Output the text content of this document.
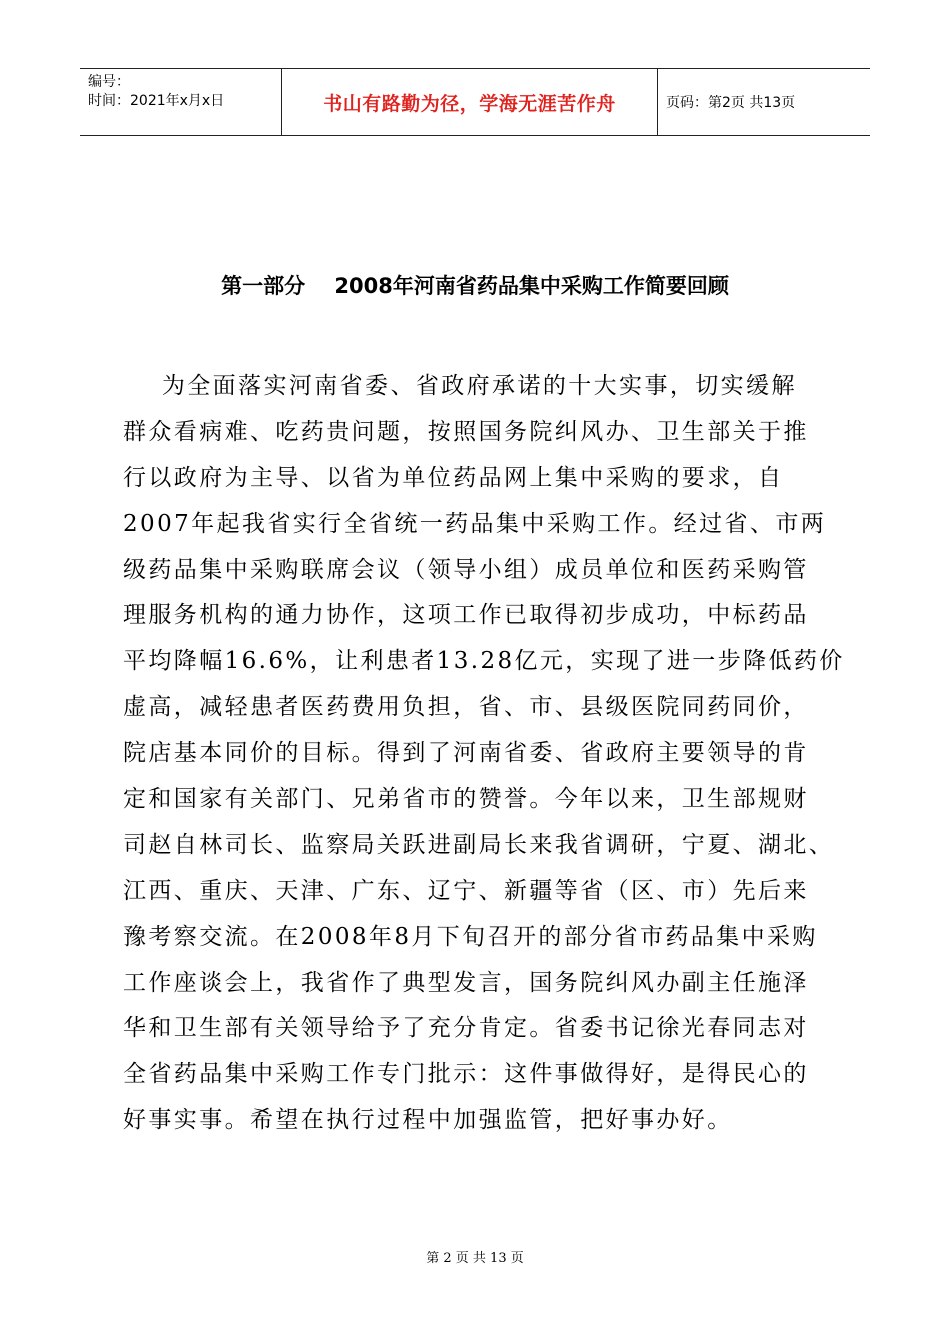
编号：
时间：2021年x月x日	书山有路勤为径，学海无涯苦作舟	页码：第2页 共13页
第一部分    2008年河南省药品集中采购工作简要回顾
为全面落实河南省委、省政府承诺的十大实事，切实缓解
群众看病难、吃药贵问题，按照国务院纠风办、卫生部关于推
行以政府为主导、以省为单位药品网上集中采购的要求，自
2007年起我省实行全省统一药品集中采购工作。经过省、市两
级药品集中采购联席会议（领导小组）成员单位和医药采购管
理服务机构的通力协作，这项工作已取得初步成功，中标药品
平均降幅16.6%，让利患者13.28亿元，实现了进一步降低药价
虚高，减轻患者医药费用负担，省、市、县级医院同药同价，
院店基本同价的目标。得到了河南省委、省政府主要领导的肯
定和国家有关部门、兄弟省市的赞誉。今年以来，卫生部规财
司赵自林司长、监察局关跃进副局长来我省调研，宁夏、湖北、
江西、重庆、天津、广东、辽宁、新疆等省（区、市）先后来
豫考察交流。在2008年8月下旬召开的部分省市药品集中采购
工作座谈会上，我省作了典型发言，国务院纠风办副主任施泽
华和卫生部有关领导给予了充分肯定。省委书记徐光春同志对
全省药品集中采购工作专门批示：这件事做得好，是得民心的
好事实事。希望在执行过程中加强监管，把好事办好。
第 2 页 共 13 页
